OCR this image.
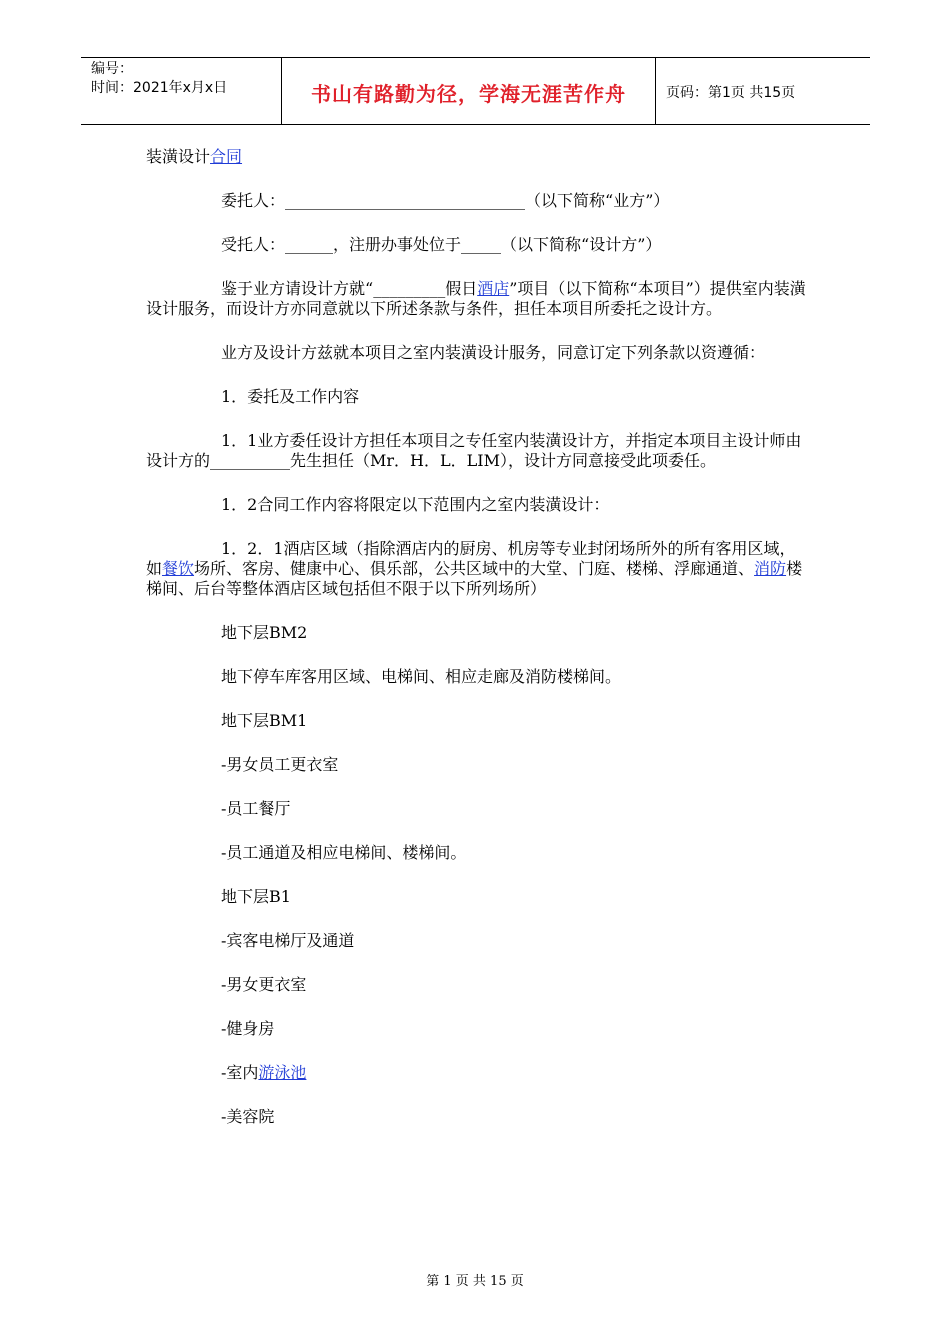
编号：
时间：2021年x月x日	书山有路勤为径，学海无涯苦作舟	页码：第1页 共15页

装潢设计合同

委托人：______________________________（以下简称“业方”）

受托人：______，注册办事处位于_____（以下简称“设计方”）

鉴于业方请设计方就“_________假日酒店”项目（以下简称“本项目”）提供室内装潢设计服务，而设计方亦同意就以下所述条款与条件，担任本项目所委托之设计方。

业方及设计方兹就本项目之室内装潢设计服务，同意订定下列条款以资遵循：

1．委托及工作内容

1．1业方委任设计方担任本项目之专任室内装潢设计方，并指定本项目主设计师由设计方的__________先生担任（Mr．H．L．LIM），设计方同意接受此项委任。

1．2合同工作内容将限定以下范围内之室内装潢设计：

1．2．1酒店区域（指除酒店内的厨房、机房等专业封闭场所外的所有客用区域，如餐饮场所、客房、健康中心、俱乐部，公共区域中的大堂、门庭、楼梯、浮廊通道、消防楼梯间、后台等整体酒店区域包括但不限于以下所列场所）

地下层BM2

地下停车库客用区域、电梯间、相应走廊及消防楼梯间。

地下层BM1

-男女员工更衣室

-员工餐厅

-员工通道及相应电梯间、楼梯间。

地下层B1

-宾客电梯厅及通道

-男女更衣室

-健身房

-室内游泳池

-美容院

第 1 页 共 15 页
